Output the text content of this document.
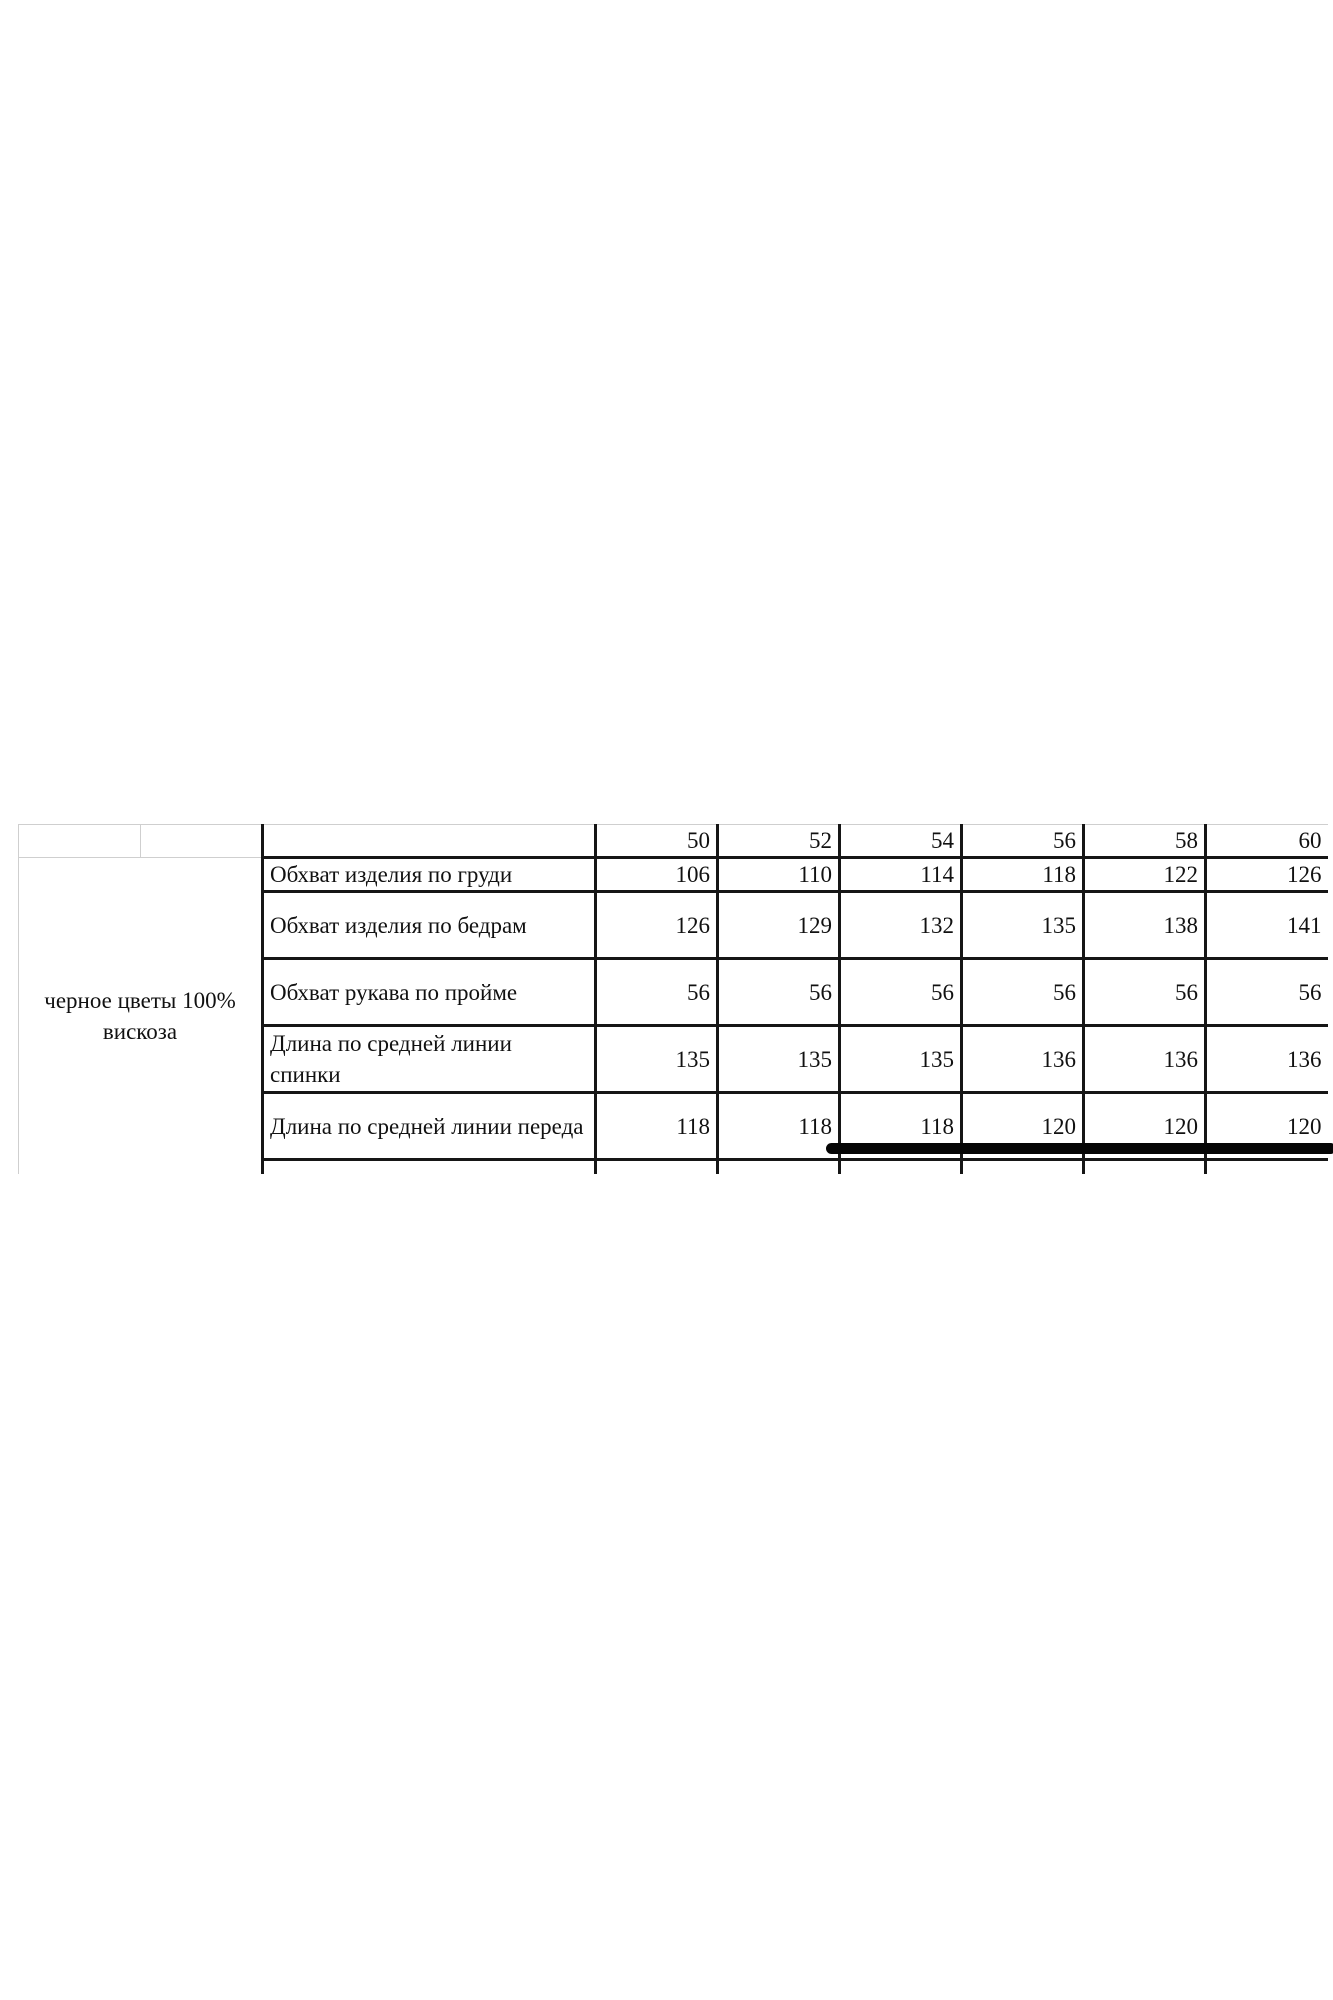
			50	52	54	56	58	60
черное цветы 100% вискоза		Обхват изделия по груди	106	110	114	118	122	126
		Обхват изделия по бедрам	126	129	132	135	138	141
		Обхват рукава по пройме	56	56	56	56	56	56
		Длина по средней линии спинки	135	135	135	136	136	136
		Длина по средней линии переда	118	118	118	120	120	120
